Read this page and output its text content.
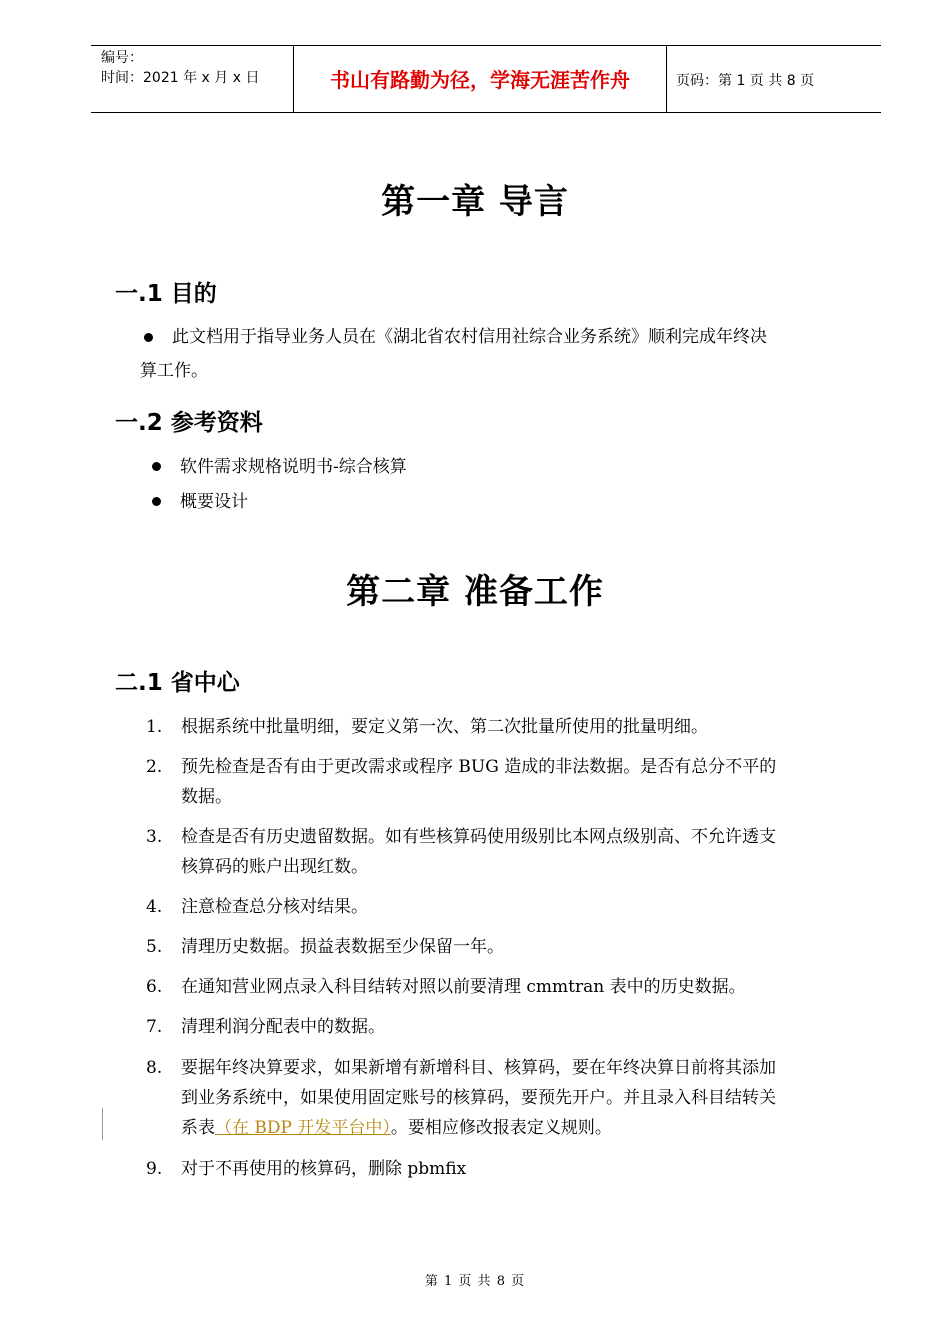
编号：
时间：2021 年 x 月 x 日	书山有路勤为径，学海无涯苦作舟	页码：第 1 页 共 8 页
第一章 导言
一.1 目的
此文档用于指导业务人员在《湖北省农村信用社综合业务系统》顺利完成年终决
算工作。
一.2 参考资料
软件需求规格说明书-综合核算
概要设计
第二章 准备工作
二.1 省中心
1.	根据系统中批量明细，要定义第一次、第二次批量所使用的批量明细。
2.	预先检查是否有由于更改需求或程序 BUG 造成的非法数据。是否有总分不平的
数据。
3.	检查是否有历史遗留数据。如有些核算码使用级别比本网点级别高、不允许透支
核算码的账户出现红数。
4.	注意检查总分核对结果。
5.	清理历史数据。损益表数据至少保留一年。
6.	在通知营业网点录入科目结转对照以前要清理 cmmtran 表中的历史数据。
7.	清理利润分配表中的数据。
8.	要据年终决算要求，如果新增有新增科目、核算码，要在年终决算日前将其添加
到业务系统中，如果使用固定账号的核算码，要预先开户。并且录入科目结转关
系表（在 BDP 开发平台中）。要相应修改报表定义规则。
9.	对于不再使用的核算码，删除 pbmfix
第 1 页 共 8 页
